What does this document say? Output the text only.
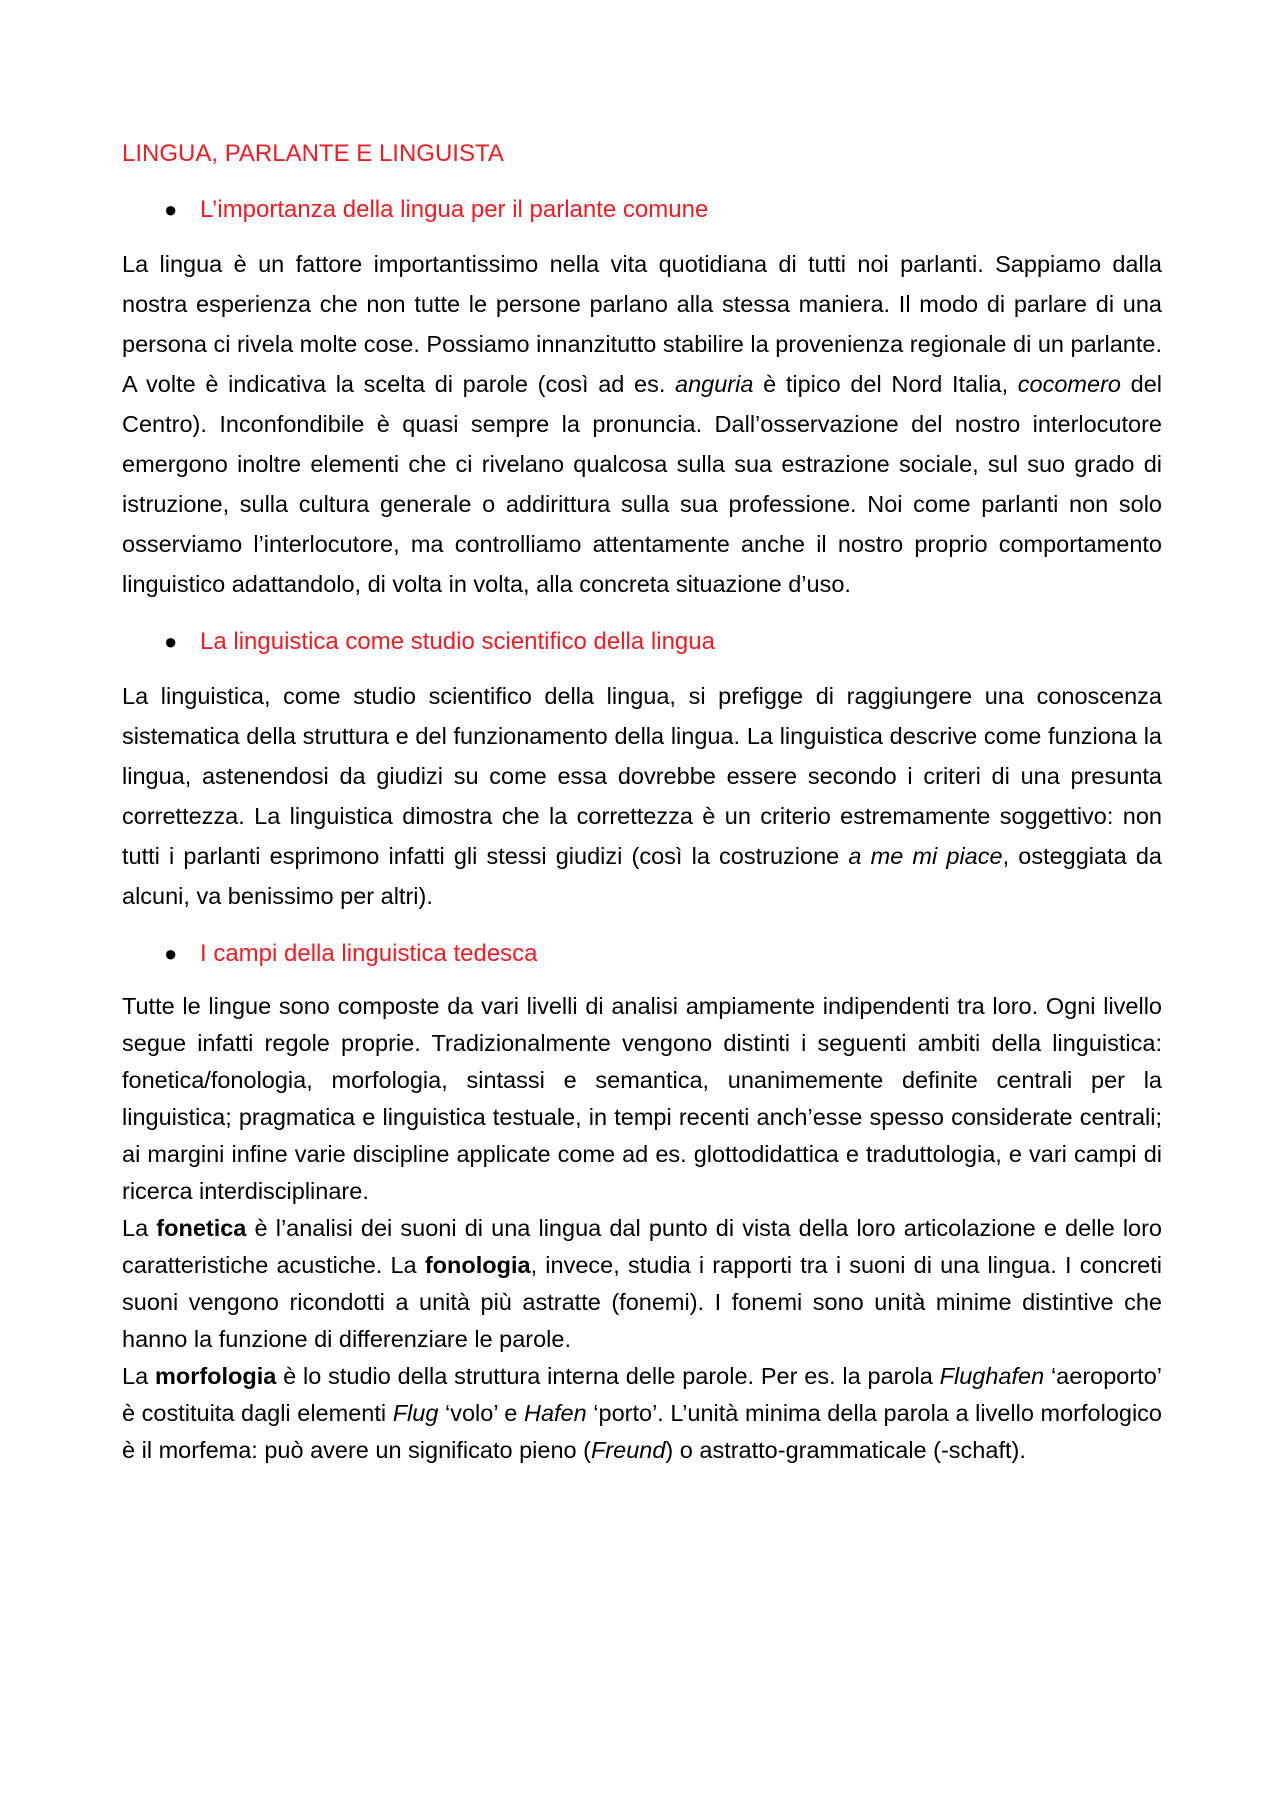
LINGUA, PARLANTE E LINGUISTA
● L’importanza della lingua per il parlante comune

La lingua è un fattore importantissimo nella vita quotidiana di tutti noi parlanti. Sappiamo dalla nostra esperienza che non tutte le persone parlano alla stessa maniera. Il modo di parlare di una persona ci rivela molte cose. Possiamo innanzitutto stabilire la provenienza regionale di un parlante. A volte è indicativa la scelta di parole (così ad es. anguria è tipico del Nord Italia, cocomero del Centro). Inconfondibile è quasi sempre la pronuncia. Dall’osservazione del nostro interlocutore emergono inoltre elementi che ci rivelano qualcosa sulla sua estrazione sociale, sul suo grado di istruzione, sulla cultura generale o addirittura sulla sua professione. Noi come parlanti non solo osserviamo l’interlocutore, ma controlliamo attentamente anche il nostro proprio comportamento linguistico adattandolo, di volta in volta, alla concreta situazione d’uso.

● La linguistica come studio scientifico della lingua

La linguistica, come studio scientifico della lingua, si prefigge di raggiungere una conoscenza sistematica della struttura e del funzionamento della lingua. La linguistica descrive come funziona la lingua, astenendosi da giudizi su come essa dovrebbe essere secondo i criteri di una presunta correttezza. La linguistica dimostra che la correttezza è un criterio estremamente soggettivo: non tutti i parlanti esprimono infatti gli stessi giudizi (così la costruzione a me mi piace, osteggiata da alcuni, va benissimo per altri).

● I campi della linguistica tedesca

Tutte le lingue sono composte da vari livelli di analisi ampiamente indipendenti tra loro. Ogni livello segue infatti regole proprie. Tradizionalmente vengono distinti i seguenti ambiti della linguistica: fonetica/fonologia, morfologia, sintassi e semantica, unanimemente definite centrali per la linguistica; pragmatica e linguistica testuale, in tempi recenti anch’esse spesso considerate centrali; ai margini infine varie discipline applicate come ad es. glottodidattica e traduttologia, e vari campi di ricerca interdisciplinare.

La fonetica è l’analisi dei suoni di una lingua dal punto di vista della loro articolazione e delle loro caratteristiche acustiche. La fonologia, invece, studia i rapporti tra i suoni di una lingua. I concreti suoni vengono ricondotti a unità più astratte (fonemi). I fonemi sono unità minime distintive che hanno la funzione di differenziare le parole.

La morfologia è lo studio della struttura interna delle parole. Per es. la parola Flughafen ‘aeroporto’ è costituita dagli elementi Flug ‘volo’ e Hafen ‘porto’. L’unità minima della parola a livello morfologico è il morfema: può avere un significato pieno (Freund) o astratto-grammaticale (-schaft).
